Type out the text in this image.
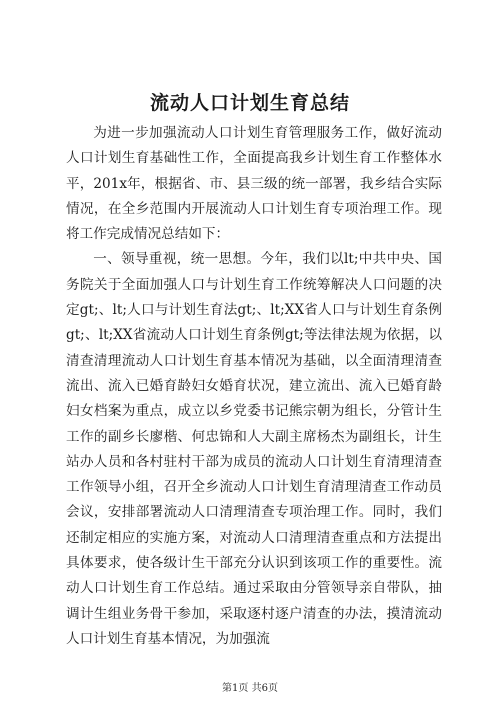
流动人口计划生育总结

为进一步加强流动人口计划生育管理服务工作，做好流动人口计划生育基础性工作，全面提高我乡计划生育工作整体水平，201x年，根据省、市、县三级的统一部署，我乡结合实际情况，在全乡范围内开展流动人口计划生育专项治理工作。现将工作完成情况总结如下：

一、领导重视，统一思想。今年，我们以lt;中共中央、国务院关于全面加强人口与计划生育工作统筹解决人口问题的决定gt;、lt;人口与计划生育法gt;、lt;XX省人口与计划生育条例gt;、lt;XX省流动人口计划生育条例gt;等法律法规为依据，以清查清理流动人口计划生育基本情况为基础，以全面清理清查流出、流入已婚育龄妇女婚育状况，建立流出、流入已婚育龄妇女档案为重点，成立以乡党委书记熊宗朝为组长，分管计生工作的副乡长廖楷、何忠锦和人大副主席杨杰为副组长，计生站办人员和各村驻村干部为成员的流动人口计划生育清理清查工作领导小组，召开全乡流动人口计划生育清理清查工作动员会议，安排部署流动人口清理清查专项治理工作。同时，我们还制定相应的实施方案，对流动人口清理清查重点和方法提出具体要求，使各级计生干部充分认识到该项工作的重要性。流动人口计划生育工作总结。通过采取由分管领导亲自带队，抽调计生组业务骨干参加，采取逐村逐户清查的办法，摸清流动人口计划生育基本情况，为加强流

第1页 共6页
